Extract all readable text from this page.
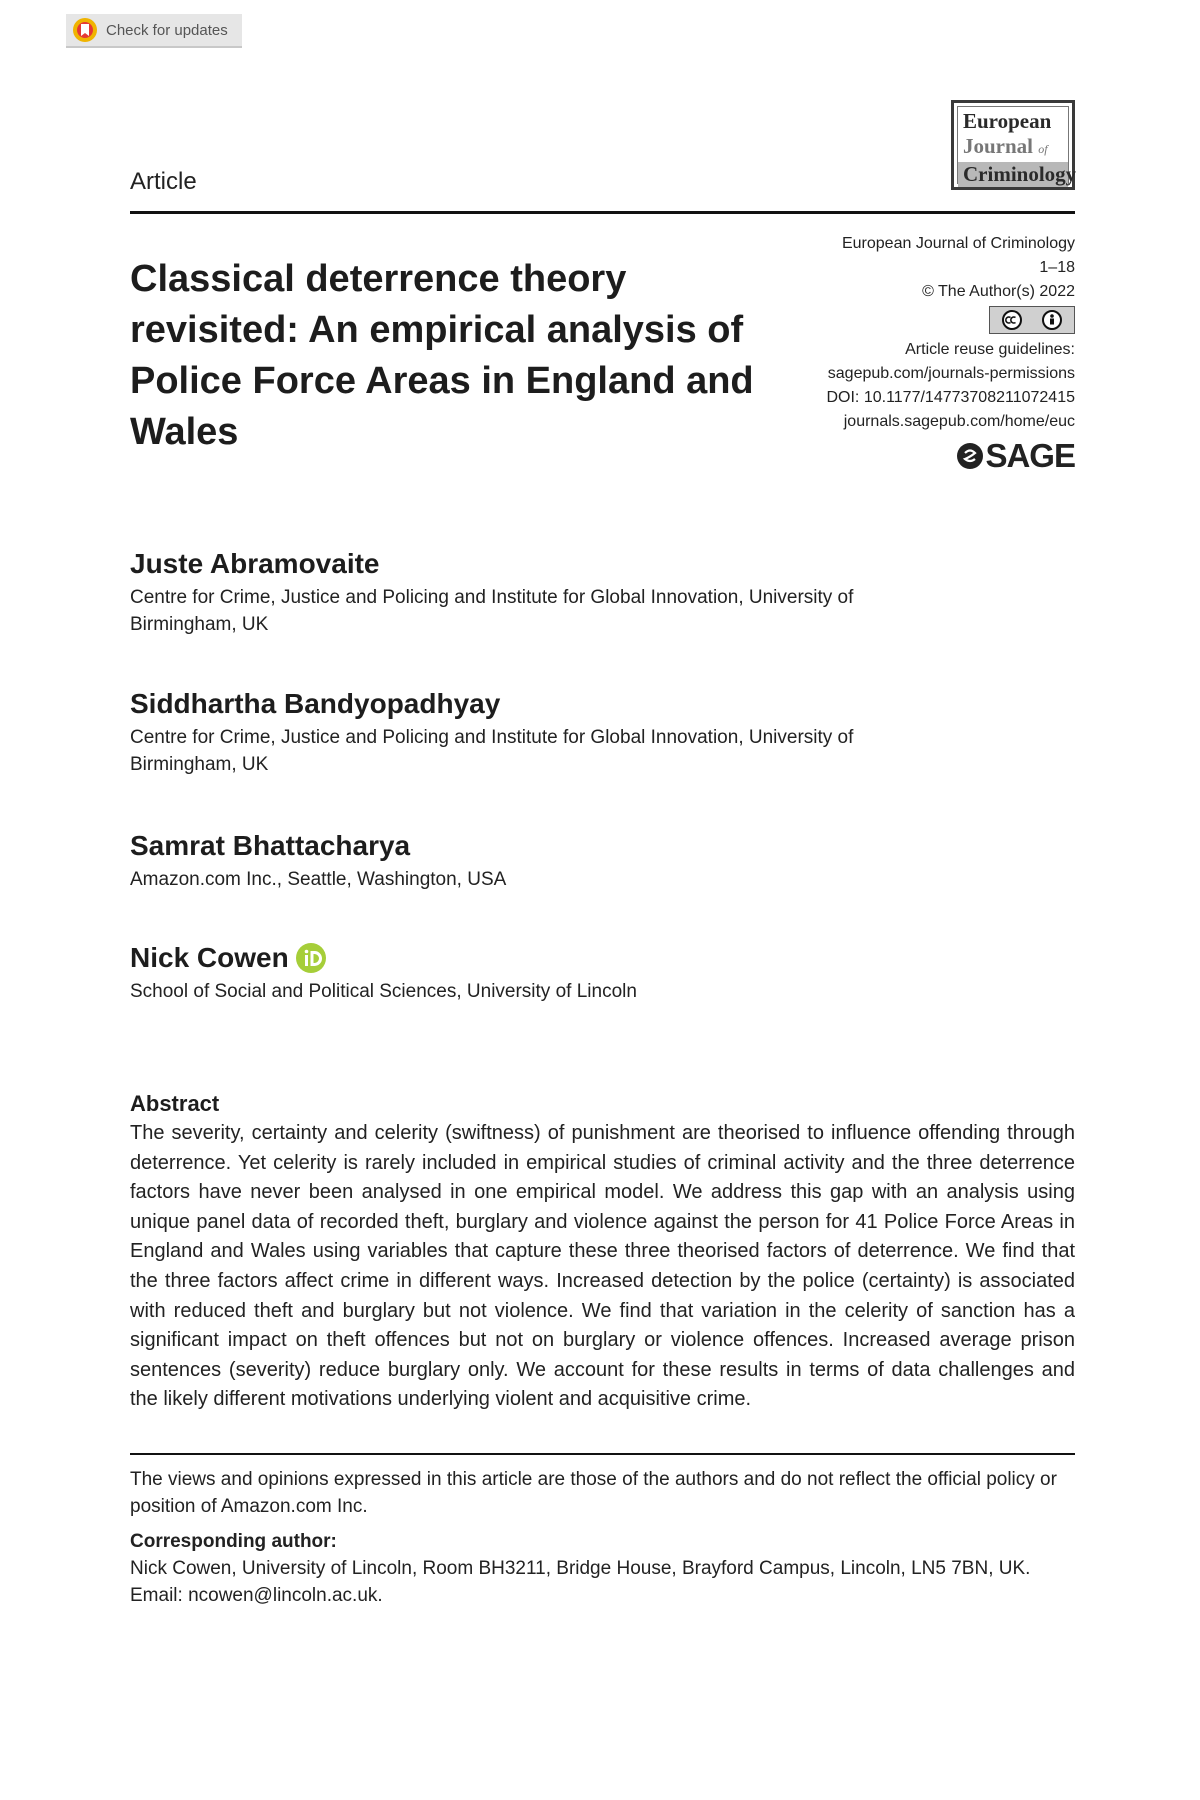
Check for updates
European
Journal of
Criminology
Article
Classical deterrence theory revisited: An empirical analysis of Police Force Areas in England and Wales
European Journal of Criminology
1–18
© The Author(s) 2022
Article reuse guidelines:
sagepub.com/journals-permissions
DOI: 10.1177/14773708211072415
journals.sagepub.com/home/euc
SAGE
Juste Abramovaite
Centre for Crime, Justice and Policing and Institute for Global Innovation, University of Birmingham, UK
Siddhartha Bandyopadhyay
Centre for Crime, Justice and Policing and Institute for Global Innovation, University of Birmingham, UK
Samrat Bhattacharya
Amazon.com Inc., Seattle, Washington, USA
Nick Cowen
School of Social and Political Sciences, University of Lincoln
Abstract

The severity, certainty and celerity (swiftness) of punishment are theorised to influence offending through deterrence. Yet celerity is rarely included in empirical studies of criminal activity and the three deterrence factors have never been analysed in one empirical model. We address this gap with an analysis using unique panel data of recorded theft, burglary and violence against the person for 41 Police Force Areas in England and Wales using variables that capture these three theorised factors of deterrence. We find that the three factors affect crime in different ways. Increased detection by the police (certainty) is associated with reduced theft and burglary but not violence. We find that variation in the celerity of sanction has a significant impact on theft offences but not on burglary or violence offences. Increased average prison sentences (severity) reduce burglary only. We account for these results in terms of data challenges and the likely different motivations underlying violent and acquisitive crime.

The views and opinions expressed in this article are those of the authors and do not reflect the official policy or position of Amazon.com Inc.
Corresponding author:
Nick Cowen, University of Lincoln, Room BH3211, Bridge House, Brayford Campus, Lincoln, LN5 7BN, UK.
Email: ncowen@lincoln.ac.uk.
